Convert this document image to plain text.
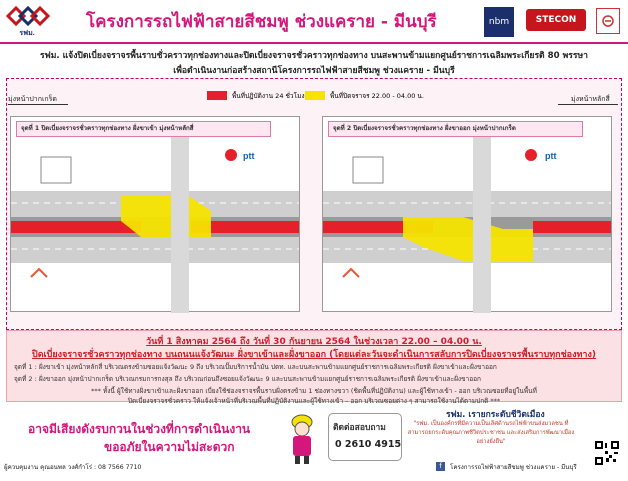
รฟม.
โครงการรถไฟฟ้าสายสีชมพู ช่วงแคราย - มีนบุรี	nbm	STECON
รฟม. แจ้งปิดเบี่ยงจราจรพื้นราบชั่วคราวทุกช่องทางและปิดเบี่ยงจราจรชั่วคราวทุกช่องทาง บนสะพานข้ามแยกศูนย์ราชการเฉลิมพระเกียรติ 80 พรรษา
เพื่อดำเนินงานก่อสร้างสถานีโครงการรถไฟฟ้าสายสีชมพู ช่วงแคราย - มีนบุรี
มุ่งหน้าปากเกร็ด	มุ่งหน้าหลักสี่
พื้นที่ปฏิบัติงาน 24 ชั่วโมง	พื้นที่ปิดจราจร 22.00 - 04.00 น.
จุดที่ 1 ปิดเบี่ยงจราจรชั่วคราวทุกช่องทาง ฝั่งขาเข้า มุ่งหน้าหลักสี่
ptt
จุดที่ 2 ปิดเบี่ยงจราจรชั่วคราวทุกช่องทาง ฝั่งขาออก มุ่งหน้าปากเกร็ด
ptt
วันที่ 1 สิงหาคม 2564 ถึง วันที่ 30 กันยายน 2564 ในช่วงเวลา 22.00 – 04.00 น.
ปิดเบี่ยงจราจรชั่วคราวทุกช่องทาง บนถนนแจ้งวัฒนะ ฝั่งขาเข้าและฝั่งขาออก (โดยแต่ละวันจะดำเนินการสลับการปิดเบี่ยงจราจรพื้นราบทุกช่องทาง)
จุดที่ 1 : ฝั่งขาเข้า มุ่งหน้าหลักสี่ บริเวณตรงข้ามซอยแจ้งวัฒนะ 9 ถึง บริเวณปั๊มบริการน้ำมัน ปตท. และบนสะพานข้ามแยกศูนย์ราชการเฉลิมพระเกียรติ ฝั่งขาเข้าและฝั่งขาออก
จุดที่ 2 : ฝั่งขาออก มุ่งหน้าปากเกร็ด บริเวณกรมการกงสุล ถึง บริเวณก่อนถึงซอยแจ้งวัฒนะ 9 และบนสะพานข้ามแยกศูนย์ราชการเฉลิมพระเกียรติ ฝั่งขาเข้าและฝั่งขาออก
*** ทั้งนี้ ผู้ใช้ทางฝั่งขาเข้าและฝั่งขาออก เบี่ยงใช้ช่องจราจรพื้นราบฝั่งตรงข้าม 1 ช่องทางขวา (ชิดพื้นที่ปฏิบัติงาน) และผู้ใช้ทางเข้า - ออก บริเวณซอยที่อยู่ในพื้นที่
ปิดเบี่ยงจราจรชั่วคราว ให้แจ้งเจ้าหน้าที่บริเวณพื้นที่ปฏิบัติงานและผู้ใช้ทางเข้า – ออก บริเวณซอยต่าง ๆ สามารถใช้งานได้ตามปกติ ***
อาจมีเสียงดังรบกวนในช่วงที่การดำเนินงาน
ขออภัยในความไม่สะดวก
ติดต่อสอบถาม
0 2610 4915
รฟม. เรายกระดับชีวิตเมือง
"รฟม. เป็นองค์กรที่มีความเป็นเลิศด้านรถไฟฟ้าขนส่งมวลชน ที่สามารถยกระดับคุณภาพชีวิตประชาชน และส่งเสริมการพัฒนาเมืองอย่างยั่งยืน"
f	โครงการรถไฟฟ้าสายสีชมพู ช่วงแคราย - มีนบุรี
ผู้ควบคุมงาน คุณอนพล วงศ์กำโร่ : 08 7566 7710
